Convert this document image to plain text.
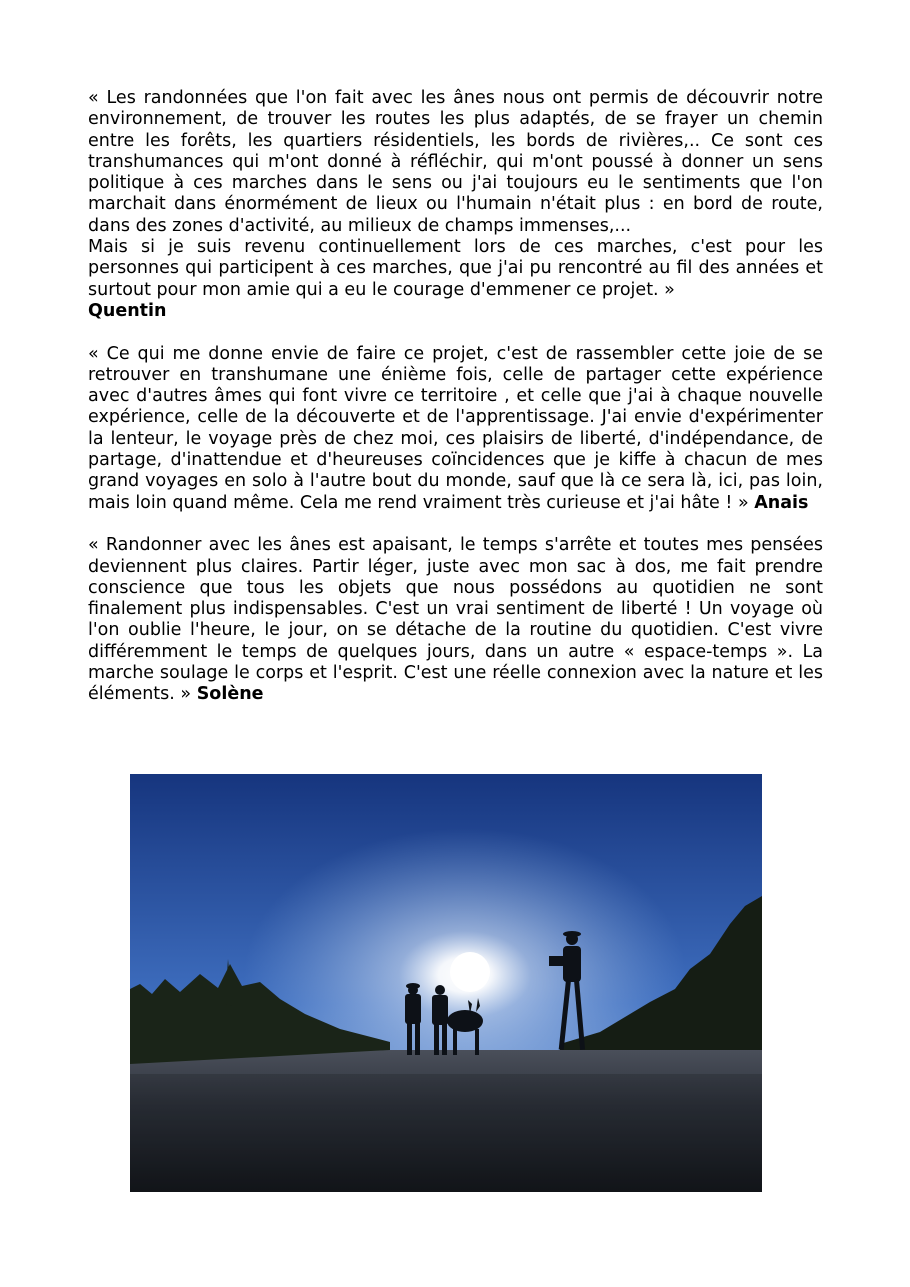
« Les randonnées que l'on fait avec les ânes nous ont permis de découvrir notre environnement, de trouver les routes les plus adaptés, de se frayer un chemin entre les forêts, les quartiers résidentiels, les bords de rivières,.. Ce sont ces transhumances qui m'ont donné à réfléchir, qui m'ont poussé à donner un sens politique à ces marches dans le sens ou j'ai toujours eu le sentiments que l'on marchait dans énormément de lieux ou l'humain n'était plus : en bord de route, dans des zones d'activité, au milieux de champs immenses,...

Mais si je suis revenu continuellement lors de ces marches, c'est pour les personnes qui participent à ces marches, que j'ai pu rencontré au fil des années et surtout pour mon amie qui a eu le courage d'emmener ce projet. »

Quentin

« Ce qui me donne envie de faire ce projet, c'est de rassembler cette joie de se retrouver en transhumane une énième fois, celle de partager cette expérience avec d'autres âmes qui font vivre ce territoire , et celle que j'ai à chaque nouvelle expérience, celle de la découverte et de l'apprentissage. J'ai envie d'expérimenter la lenteur, le voyage près de chez moi, ces plaisirs de liberté, d'indépendance, de partage, d'inattendue et d'heureuses coïncidences que je kiffe à chacun de mes grand voyages en solo à l'autre bout du monde, sauf que là ce sera là, ici, pas loin, mais loin quand même. Cela me rend vraiment très curieuse et j'ai hâte ! » Anais

« Randonner avec les ânes est apaisant, le temps s'arrête et toutes mes pensées deviennent plus claires. Partir léger, juste avec mon sac à dos, me fait prendre conscience que tous les objets que nous possédons au quotidien ne sont finalement plus indispensables. C'est un vrai sentiment de liberté ! Un voyage où l'on oublie l'heure, le jour, on se détache de la routine du quotidien. C'est vivre différemment le temps de quelques jours, dans un autre « espace-temps ». La marche soulage le corps et l'esprit. C'est une réelle connexion avec la nature et les éléments. » Solène
